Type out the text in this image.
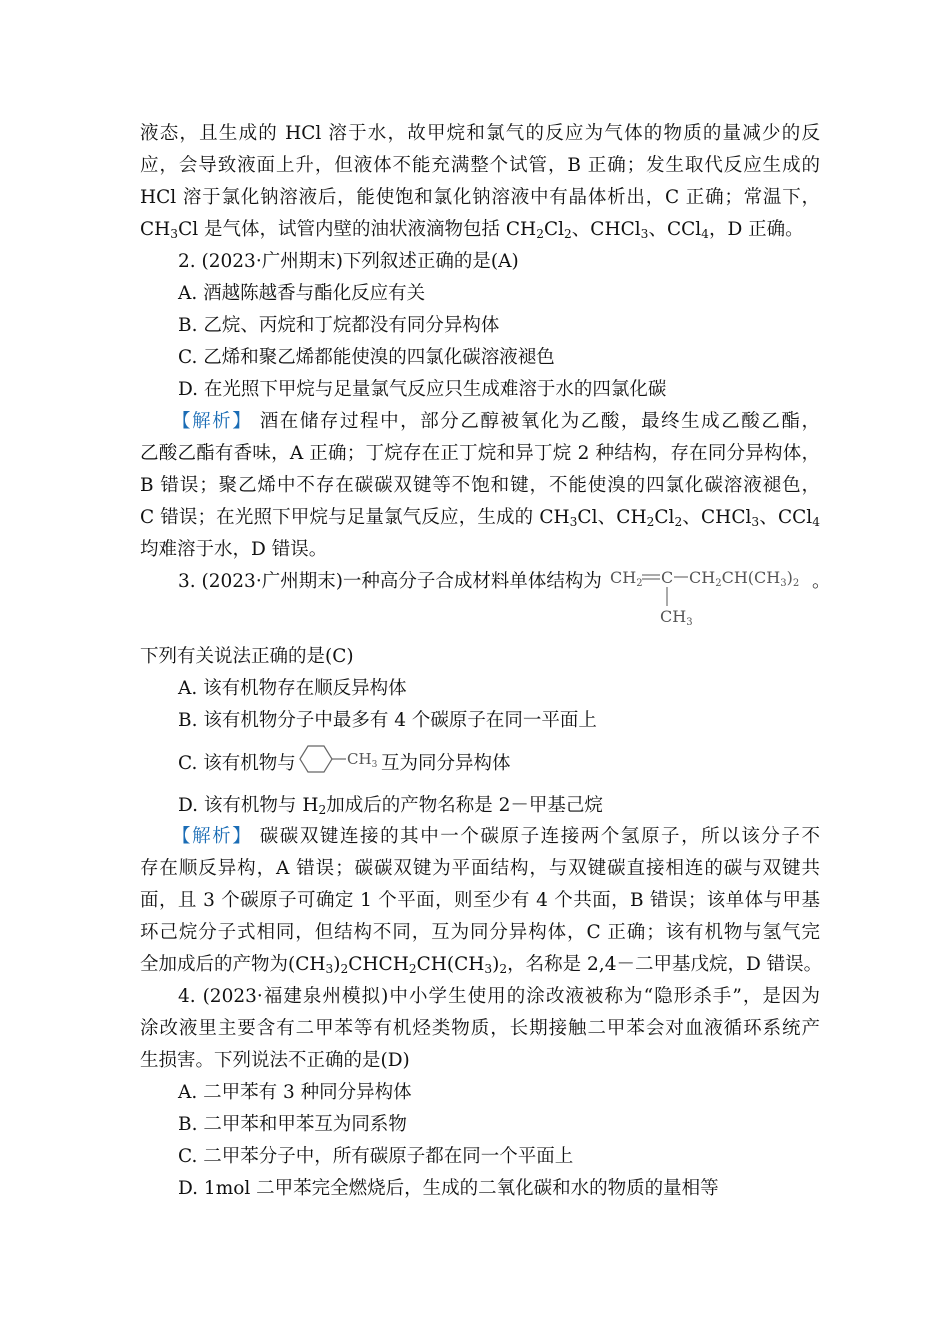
液态，且生成的 HCl 溶于水，故甲烷和氯气的反应为气体的物质的量减少的反
应，会导致液面上升，但液体不能充满整个试管，B 正确；发生取代反应生成的
HCl 溶于氯化钠溶液后，能使饱和氯化钠溶液中有晶体析出，C 正确；常温下，
$CH_3Cl$ 是气体，试管内壁的油状液滴物包括 $CH_2Cl_2$、CHCl$_3$、CCl$_4$，D 正确。
2. (2023·广州期末)下列叙述正确的是(A)
A. 酒越陈越香与酯化反应有关
B. 乙烷、丙烷和丁烷都没有同分异构体
C. 乙烯和聚乙烯都能使溴的四氯化碳溶液褪色
D. 在光照下甲烷与足量氯气反应只生成难溶于水的四氯化碳
【解析】 酒在储存过程中，部分乙醇被氧化为乙酸，最终生成乙酸乙酯，
乙酸乙酯有香味，A 正确；丁烷存在正丁烷和异丁烷 2 种结构，存在同分异构体，
B 错误；聚乙烯中不存在碳碳双键等不饱和键，不能使溴的四氯化碳溶液褪色，
C 错误；在光照下甲烷与足量氯气反应，生成的 $CH_3Cl$、$CH_2Cl_2$、CHCl$_3$、CCl$_4$
均难溶于水，D 错误。
3. (2023·广州期末)一种高分子合成材料单体结构为 CH2 C CH2CH(CH3)2
CH3
。
下列有关说法正确的是(C)
A. 该有机物存在顺反异构体
B. 该有机物分子中最多有 4 个碳原子在同一平面上
C. 该有机物与	$CH_3$ 互为同分异构体
D. 该有机物与 $H_2$加成后的产物名称是 2－甲基己烷
【解析】 碳碳双键连接的其中一个碳原子连接两个氢原子，所以该分子不
存在顺反异构，A 错误；碳碳双键为平面结构，与双键碳直接相连的碳与双键共
面，且 3 个碳原子可确定 1 个平面，则至少有 4 个共面，B 错误；该单体与甲基
环己烷分子式相同，但结构不同，互为同分异构体，C 正确；该有机物与氢气完
全加成后的产物为$(CH_3)_2CHCH_2CH(CH_3)_2$，名称是 2,4－二甲基戊烷，D 错误。
4. (2023·福建泉州模拟)中小学生使用的涂改液被称为“隐形杀手”，是因为
涂改液里主要含有二甲苯等有机烃类物质，长期接触二甲苯会对血液循环系统产
生损害。下列说法不正确的是(D)
A. 二甲苯有 3 种同分异构体
B. 二甲苯和甲苯互为同系物
C. 二甲苯分子中，所有碳原子都在同一个平面上
D. 1mol 二甲苯完全燃烧后，生成的二氧化碳和水的物质的量相等
